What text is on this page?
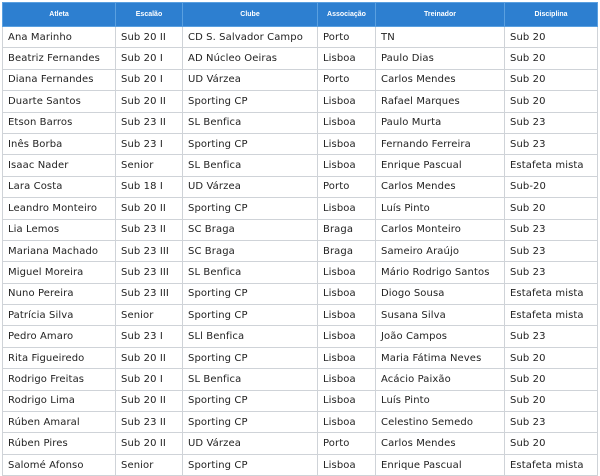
Atleta	Escalão	Clube	Associação	Treinador	Disciplina
Ana Marinho	Sub 20 II	CD S. Salvador Campo	Porto	TN	Sub 20
Beatriz Fernandes	Sub 20 I	AD Núcleo Oeiras	Lisboa	Paulo Dias	Sub 20
Diana Fernandes	Sub 20 I	UD Várzea	Porto	Carlos Mendes	Sub 20
Duarte Santos	Sub 20 II	Sporting CP	Lisboa	Rafael Marques	Sub 20
Etson Barros	Sub 23 II	SL Benfica	Lisboa	Paulo Murta	Sub 23
Inês Borba	Sub 23 I	Sporting CP	Lisboa	Fernando Ferreira	Sub 23
Isaac Nader	Senior	SL Benfica	Lisboa	Enrique Pascual	Estafeta mista
Lara Costa	Sub 18 I	UD Várzea	Porto	Carlos Mendes	Sub-20
Leandro Monteiro	Sub 20 II	Sporting CP	Lisboa	Luís Pinto	Sub 20
Lia Lemos	Sub 23 II	SC Braga	Braga	Carlos Monteiro	Sub 23
Mariana Machado	Sub 23 III	SC Braga	Braga	Sameiro Araújo	Sub 23
Miguel Moreira	Sub 23 III	SL Benfica	Lisboa	Mário Rodrigo Santos	Sub 23
Nuno Pereira	Sub 23 III	Sporting CP	Lisboa	Diogo Sousa	Estafeta mista
Patrícia Silva	Senior	Sporting CP	Lisboa	Susana Silva	Estafeta mista
Pedro Amaro	Sub 23 I	SLl Benfica	Lisboa	João Campos	Sub 23
Rita Figueiredo	Sub 20 II	Sporting CP	Lisboa	Maria Fátima Neves	Sub 20
Rodrigo Freitas	Sub 20 I	SL Benfica	Lisboa	Acácio Paixão	Sub 20
Rodrigo Lima	Sub 20 II	Sporting CP	Lisboa	Luís Pinto	Sub 20
Rúben Amaral	Sub 23 II	Sporting CP	Lisboa	Celestino Semedo	Sub 23
Rúben Pires	Sub 20 II	UD Várzea	Porto	Carlos Mendes	Sub 20
Salomé Afonso	Senior	Sporting CP	Lisboa	Enrique Pascual	Estafeta mista
